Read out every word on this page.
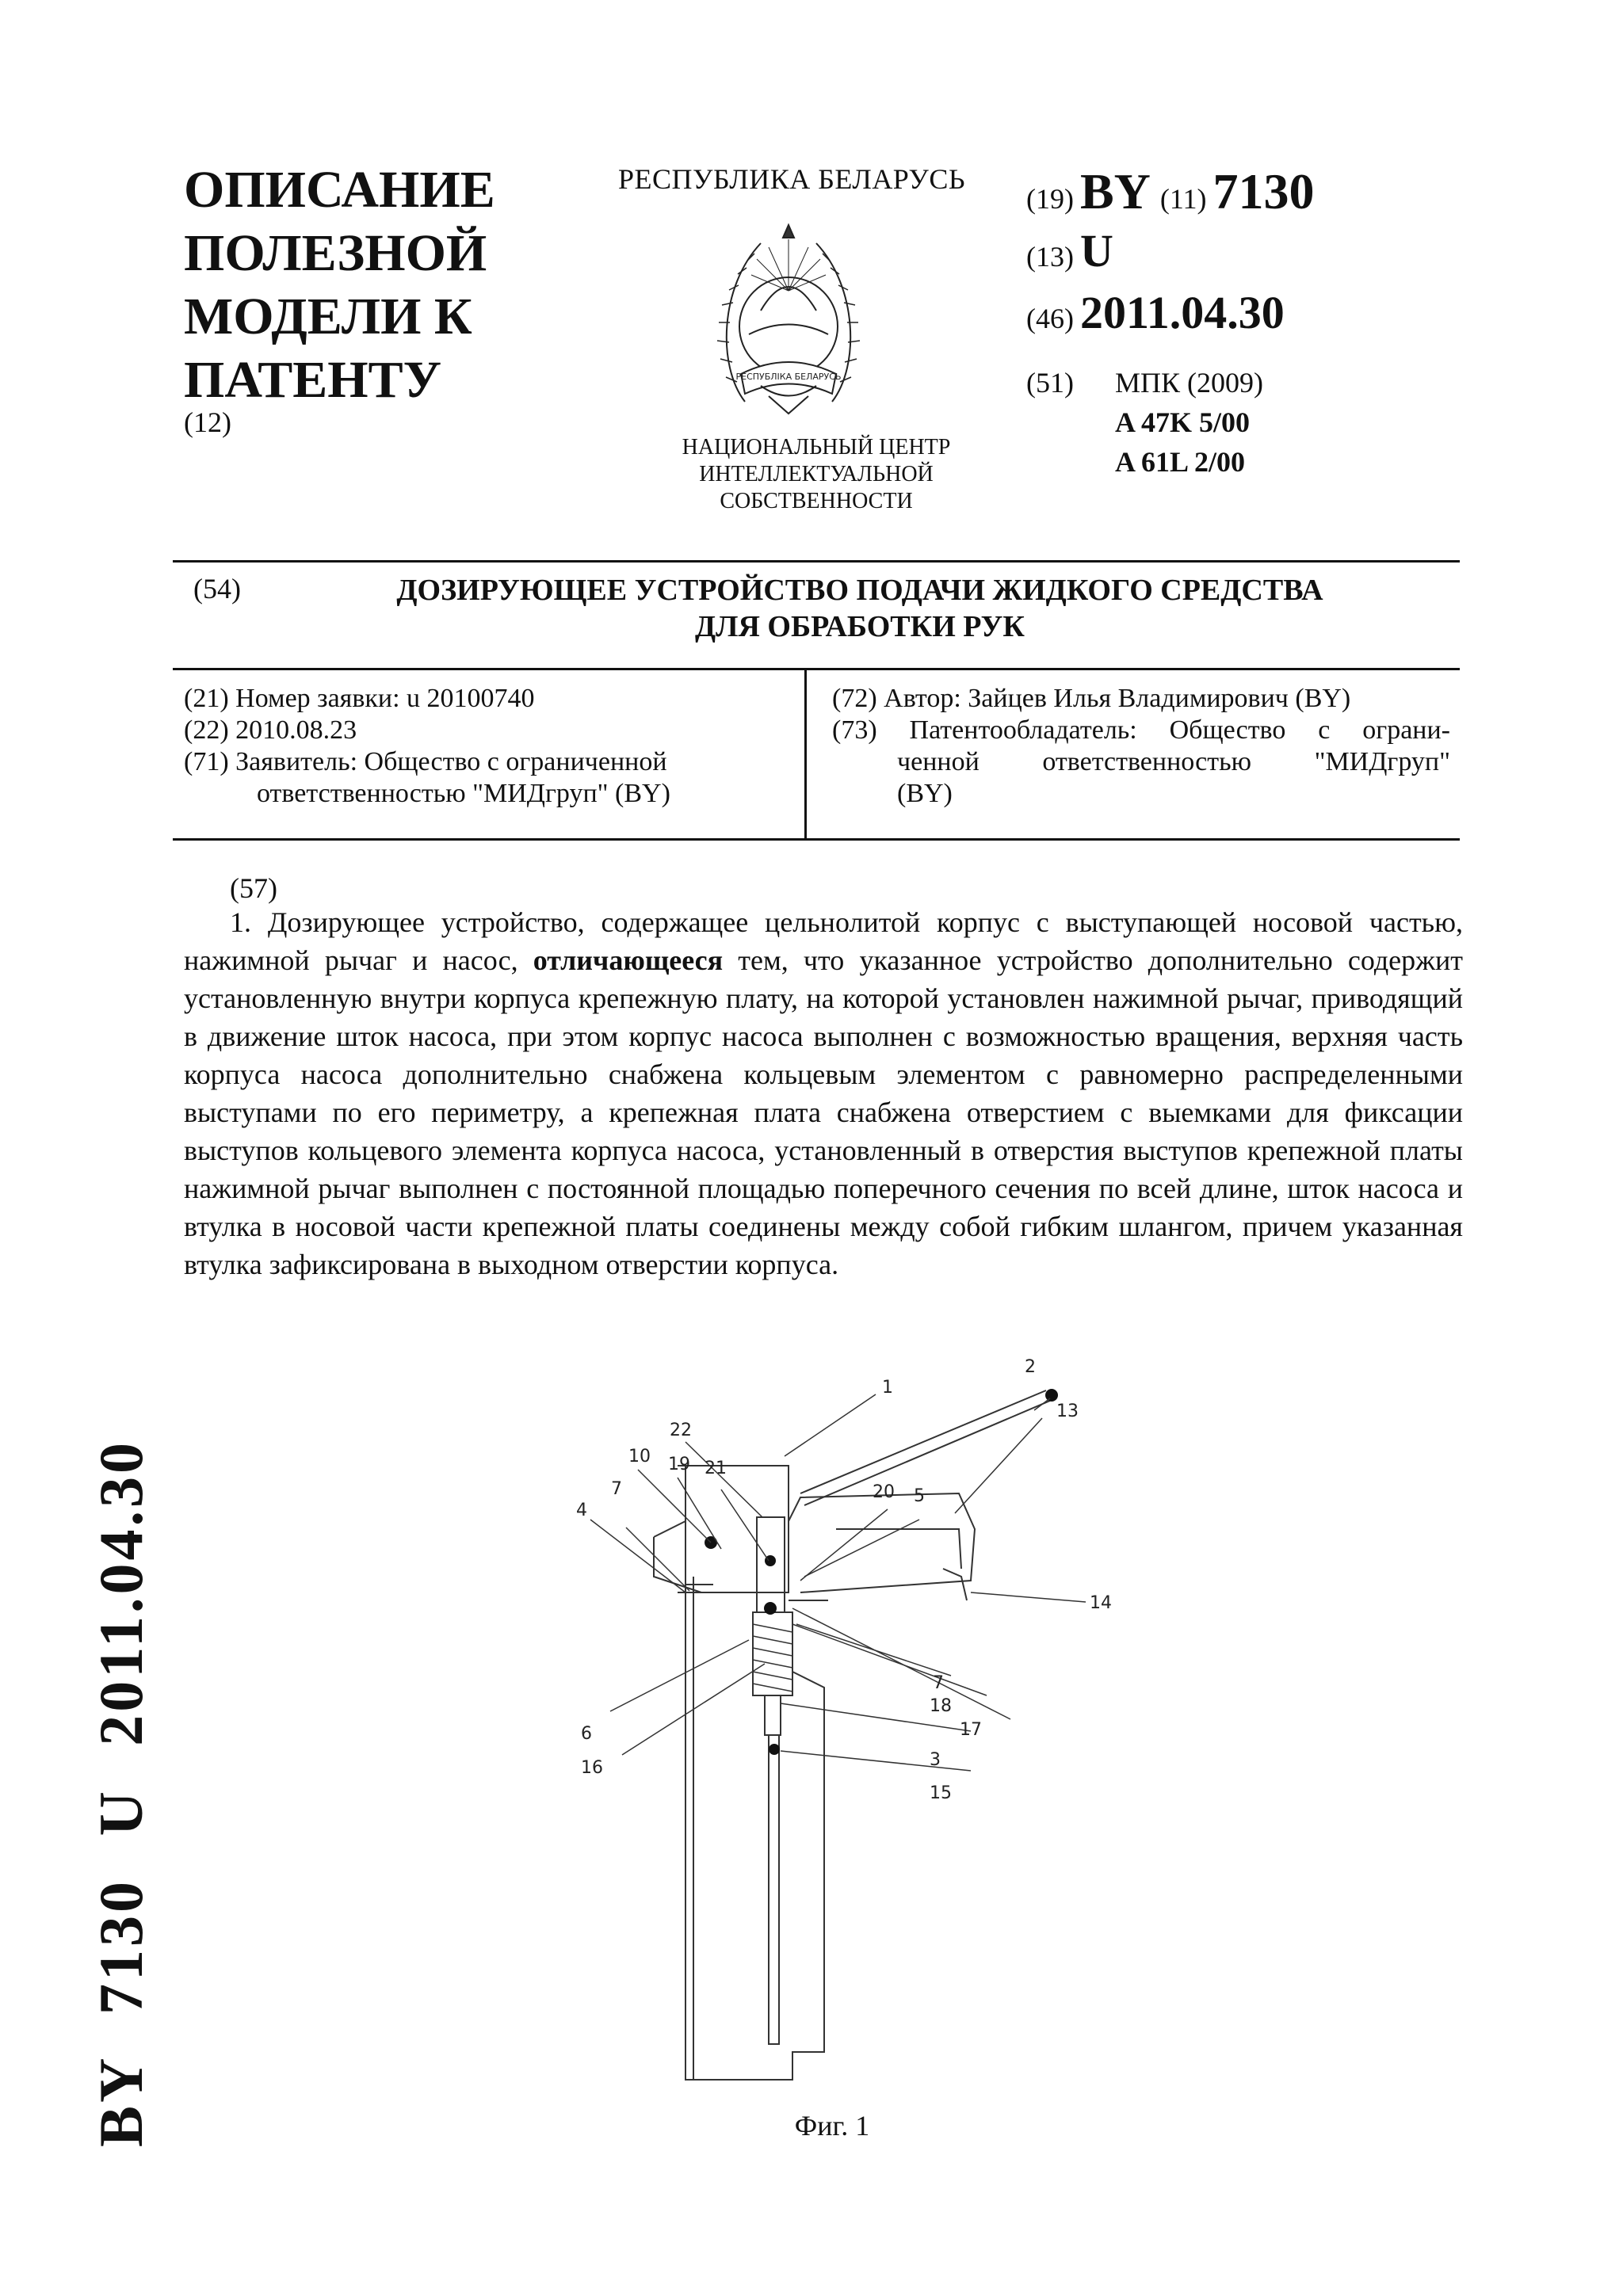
ОПИСАНИЕ
ПОЛЕЗНОЙ
МОДЕЛИ К
ПАТЕНТУ
(12)
РЕСПУБЛИКА БЕЛАРУСЬ
РЕСПУБЛІКА БЕЛАРУСЬ
НАЦИОНАЛЬНЫЙ ЦЕНТР
ИНТЕЛЛЕКТУАЛЬНОЙ
СОБСТВЕННОСТИ
(19) BY (11) 7130
(13) U
(46) 2011.04.30
(51) МПК (2009)
A 47K 5/00
A 61L 2/00
(54)	ДОЗИРУЮЩЕЕ УСТРОЙСТВО ПОДАЧИ ЖИДКОГО СРЕДСТВА
ДЛЯ ОБРАБОТКИ РУК
(21) Номер заявки: u 20100740
(22) 2010.08.23
(71) Заявитель: Общество с ограниченной
ответственностью "МИДгруп" (BY)
(72) Автор: Зайцев Илья Владимирович (BY)
(73) Патентообладатель: Общество с ограни-
ченной ответственностью "МИДгруп"
(BY)
(57)
1. Дозирующее устройство, содержащее цельнолитой корпус с выступающей носовой частью, нажимной рычаг и насос, отличающееся тем, что указанное устройство дополнительно содержит установленную внутри корпуса крепежную плату, на которой установлен нажимной рычаг, приводящий в движение шток насоса, при этом корпус насоса выполнен с возможностью вращения, верхняя часть корпуса насоса дополнительно снабжена кольцевым элементом с равномерно распределенными выступами по его периметру, а крепежная плата снабжена отверстием с выемками для фиксации выступов кольцевого элемента корпуса насоса, установленный в отверстия выступов крепежной платы нажимной рычаг выполнен с постоянной площадью поперечного сечения по всей длине, шток насоса и втулка в носовой части крепежной платы соединены между собой гибким шлангом, причем указанная втулка зафиксирована в выходном отверстии корпуса.
1
2
22
13
10 19 21
20 5
4
7
14
7
18
17
6
3
16
15
Фиг. 1
BY 7130 U 2011.04.30
